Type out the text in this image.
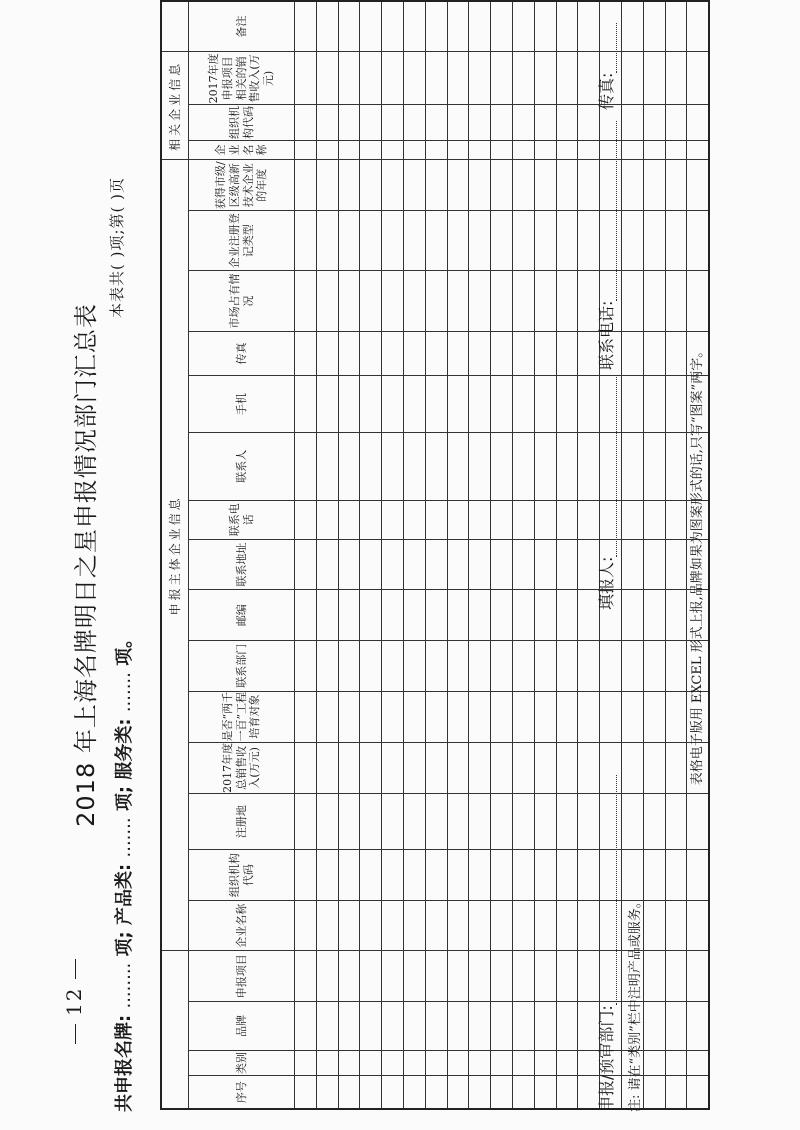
12
2018 年上海名牌明日之星申报情况部门汇总表
共申报名牌: ........ 项; 产品类: ....... 项; 服务类: ....... 项。
本表共( )项;第( )页
				申报主体企业信息															相关企业信息			
序号	类别	品牌	申报项目	企业名称	组织机构代码	注册地	2017年度总销售收入(万元)	是否“两千一百”工程培育对象	联系部门	邮编	联系地址	联系电话	联系人	手机	传真	市场占有情况	企业注册登记类型	获得市级/区级高新技术企业的年度	企业名称	组织机构代码	2017年度申报项目相关的销售收入(万元)	备注

申报/预审部门:
填报人:
联系电话:
传真:
注: 请在“类别”栏中注明产品或服务。
表格电子版用 EXCEL 形式上报,品牌如果为图案形式的话,只写“图案”两字。
